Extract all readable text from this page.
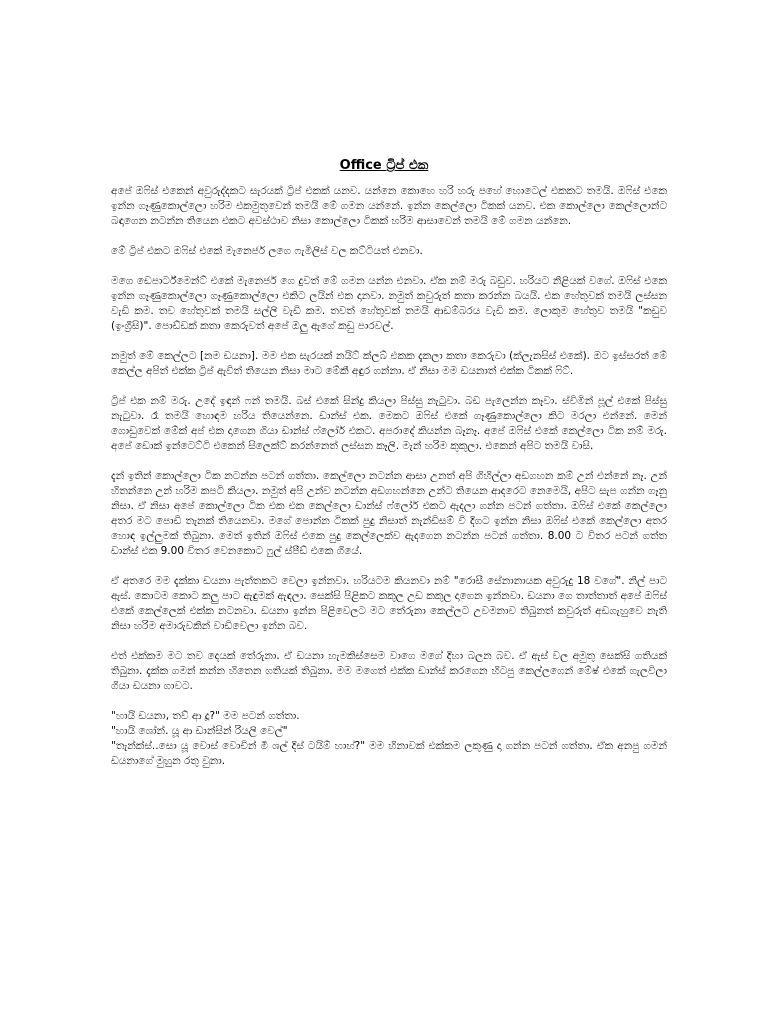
Office ට්‍රිප් එක

අපේ ඔෆිස් එකෙන් අවුරුද්දකට සැරයක් ට්‍රිප් එකක් යනව. යන්නෙ කොහෙ හරි හරු පහේ හොටෙල් එකකට තමයි. ඔෆිස් එකෙ ඉන්න ගෑණුකොල්ලො හරිම එකමුතුවෙන් තමයි මේ ගමන යන්නේ. ඉන්න කෙල්ලො ටිකක් යනව. එක කොල්ලො කෙල්ලොන්ට බඳාගෙන නටන්න තියෙන එකට අවස්ථාව නිසා කොල්ලො ටිකක් හරිම ආසාවෙන් තමයි මේ ගමන යන්නෙ.

මේ ට්‍රිප් එකට ඔෆිස් එකේ මැනෙජර් ලගෙ ෆැමිලිස් වල කට්ටියත් එනවා.

මගෙ ඩෙපාර්ට්මෙන්ට් එකේ මැනෙජර් ගෙ දුවත් මේ ගමන යන්න එනවා. ඒක නම් මරු බඩුව. හරියට නිළියක් වගේ. ඔෆිස් එකෙ ඉන්න ගෑණුකොල්ලො ගෑණුකොල්ලො එකිට ලයින් එක දානවා. නමුත් කවුරුත් කතා කරන්න බයයි. එක හේතුවක් තමයි ලස්සන වැඩි කම. තව හේතුවක් තමයි සල්ලි වැඩි කම. තවත් හේතුවක් තමයි ආඩම්බරය වැඩි කම. ලොකුම හේතුව තමයි "කඩුව (ඉංග්‍රීසි)". පොඩ්ඩක් කතා කෙරුවත් අපේ ඔලු ඇගේ කඩු පාරවල්.

නමුත් මේ කෙල්ලට [නම ඩයනා]. මම එක සැරයක් නයිට් ක්ලබ් එකක දැකලා කතා කෙරුවා (ක්ලැනසිස් එකේ). ඔට ඉස්සරත් මේ කෙල්ල අපිත් එක්ක ට්‍රිප් ඇවිත් තියෙන නිසා මාට මේකී අඳුර ගන්නා. ඒ නිසා මම ඩයනාත් එක්ක ටිකක් ෆිට්.

ට්‍රිප් එක නම් මරු. උදේ ඉඳන් ෆන් තමයි. බස් එකේ සින්දු කියලා පිස්සු නැටුවා. බඩ පැලෙන්න කෑවා. ස්විමින් පූල් එකේ පිස්සු නැටුවා. රෑ තමයි හොඳම හරිය තියෙන්නෙ. ඩාන්ස් එක. මෙකට ඔෆිස් එකේ ගෑණුකොල්ලො කිට මරලා එන්නේ. මෙන් ගොඩුවෙක් මේක් අප් එක දාගෙන ගියා ඩාන්ස් ෆ්ලෝර් එකට. අපරාදේ කියන්න බෑනෑ. අපේ ඔෆිස් එකේ කෙල්ලො ටික නම් මරු. අපේ ඩොක් ඉන්ටෙට්ටි එකෙන් සිලෙක්ට් කරන්නෙත් ලස්සන කෑලි. මැන් හරිම කුකුලා. එකෙන් අපිට තමයි වාසි.

දැන් ඉතින් කොල්ලො ටික නටන්න පටන් ගත්තා. කෙල්ලො නටන්න ආසා උනත් අපි ගිහිල්ලා අඩගහන කම් උන් එන්නේ නෑ. උන් හිතන්නෙ උන් හරිම කපටි කියලා. නමුත් අපි උන්ව නටන්න අඩගහන්නෙ උන්ට තියෙන ආදරෙට නෙමෙයි, අපිට සැප ගන්න ගෑනු නිසා. ඒ නිසා අපේ කොල්ලො ටික එක එක කෙල්ලො ඩාන්ස් ෆ්ලෝර් එකට ඇදලා ගන්න පටන් ගත්තා. ඔෆිස් එකේ කෙල්ලො අතර මට පොඩි තැනක් තියෙනවා. මගේ පොන්න ටිකක් පුදු නිසාත් නැන්ඩිසම් වි දිගට ඉන්න නිසා ඔෆිස් එකේ කෙල්ලො අතර හොඳ ඉල්ලුමක් තිබුනා. මෙත් ඉතින් ඔෆිස් එකෙ පුදු කෙල්ලෙක්ව ඇදගෙන නටන්න පටන් ගත්තා. 8.00 ට විතර පටන් ගත්ත ඩාන්ස් එක 9.00 විතර වෙනකොට ෆුල් ස්පීඩ් එකෙ ගියේ.

ඒ අතරෙ මම දැක්කා ඩයනා පැත්තකට වෙලා ඉන්නවා. හරියටම කියනවා නම් "රොසී සේනානායක අවුරුදු 18 වගේ". නිල් පාට ඇස්. කොටම කොට කලු පාට ඇඳුමක් ඇඳලා. සෙක්සි පිළිකට කකුල උඩ කකුල දාගෙන ඉන්නවා. ඩයනා ගෙ තාත්තාත් අපේ ඔෆිස් එකේ කෙල්ලෙක් එක්ක නටනවා. ඩයනා ඉන්න පිළිවෙලට මට තේරුනා කෙල්ලට උවමනාව තිබුනත් කවුරුත් අඩගැහුවෙ නැති නිසා හරිම අමාරුවකින් වාඩිවෙලා ඉන්න බව.

එත් එක්කම මට තව දෙයක් තේරුනා. ඒ ඩයනා හැමකිස්සෙම වාගෙ මගේ දිහා බලන බව. ඒ ඇස් වල අමුතු සෙක්සි ගතියක් තිබුනා. දැක්ක ගමන් කන්න හිතෙන ගතියක් තිබුනා. මම මගෙත් එක්ක ඩාන්ස් කරගෙන හිටපු කෙල්ලගෙන් මේෂ් එකේ ගැලවිලා ගියා ඩයනා ගාවට.

"හායි ඩයනා, තව් ආ දූ?" මම පටන් ගත්තා.

"හායි ශෝන්. යූ ආ ඩාන්සින් රියලි වෙල්"

"තැන්ක්ස්..සො යූ වොස් වොචින් මී ශල් දිස් ටයිම් හාහ්?" මම හිනාවක් එක්කම ලකුණු දා ගන්න පටන් ගත්තා. ඒක අනපු ගමන් ඩයනාගේ මුහුන රතු වුනා.
